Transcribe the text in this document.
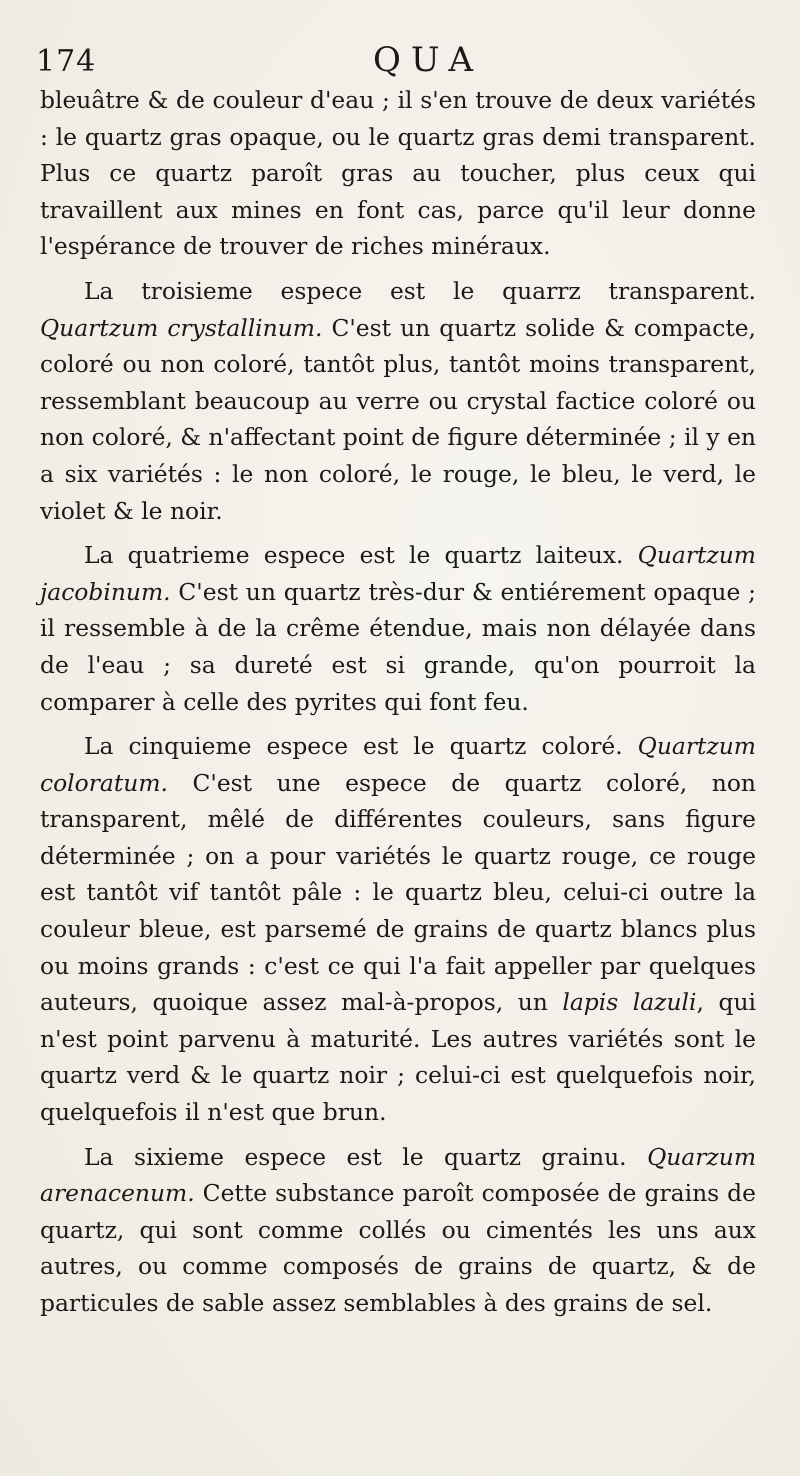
174	QUA

bleuâtre & de couleur d'eau ; il s'en trouve de deux variétés : le quartz gras opaque, ou le quartz gras demi transparent. Plus ce quartz paroît gras au toucher, plus ceux qui travaillent aux mines en font cas, parce qu'il leur donne l'espérance de trouver de riches minéraux.

La troisieme espece est le quarrz transparent. Quartzum crystallinum. C'est un quartz solide & compacte, coloré ou non coloré, tantôt plus, tantôt moins transparent, ressemblant beaucoup au verre ou crystal factice coloré ou non coloré, & n'affectant point de figure déterminée ; il y en a six variétés : le non coloré, le rouge, le bleu, le verd, le violet & le noir.

La quatrieme espece est le quartz laiteux. Quartzum jacobinum. C'est un quartz très-dur & entiérement opaque ; il ressemble à de la crême étendue, mais non délayée dans de l'eau ; sa dureté est si grande, qu'on pourroit la comparer à celle des pyrites qui font feu.

La cinquieme espece est le quartz coloré. Quartzum coloratum. C'est une espece de quartz coloré, non transparent, mêlé de différentes couleurs, sans figure déterminée ; on a pour variétés le quartz rouge, ce rouge est tantôt vif tantôt pâle : le quartz bleu, celui-ci outre la couleur bleue, est parsemé de grains de quartz blancs plus ou moins grands : c'est ce qui l'a fait appeller par quelques auteurs, quoique assez mal-à-propos, un lapis lazuli, qui n'est point parvenu à maturité. Les autres variétés sont le quartz verd & le quartz noir ; celui-ci est quelquefois noir, quelquefois il n'est que brun.

La sixieme espece est le quartz grainu. Quarzum arenacenum. Cette substance paroît composée de grains de quartz, qui sont comme collés ou cimentés les uns aux autres, ou comme composés de grains de quartz, & de particules de sable assez semblables à des grains de sel.
